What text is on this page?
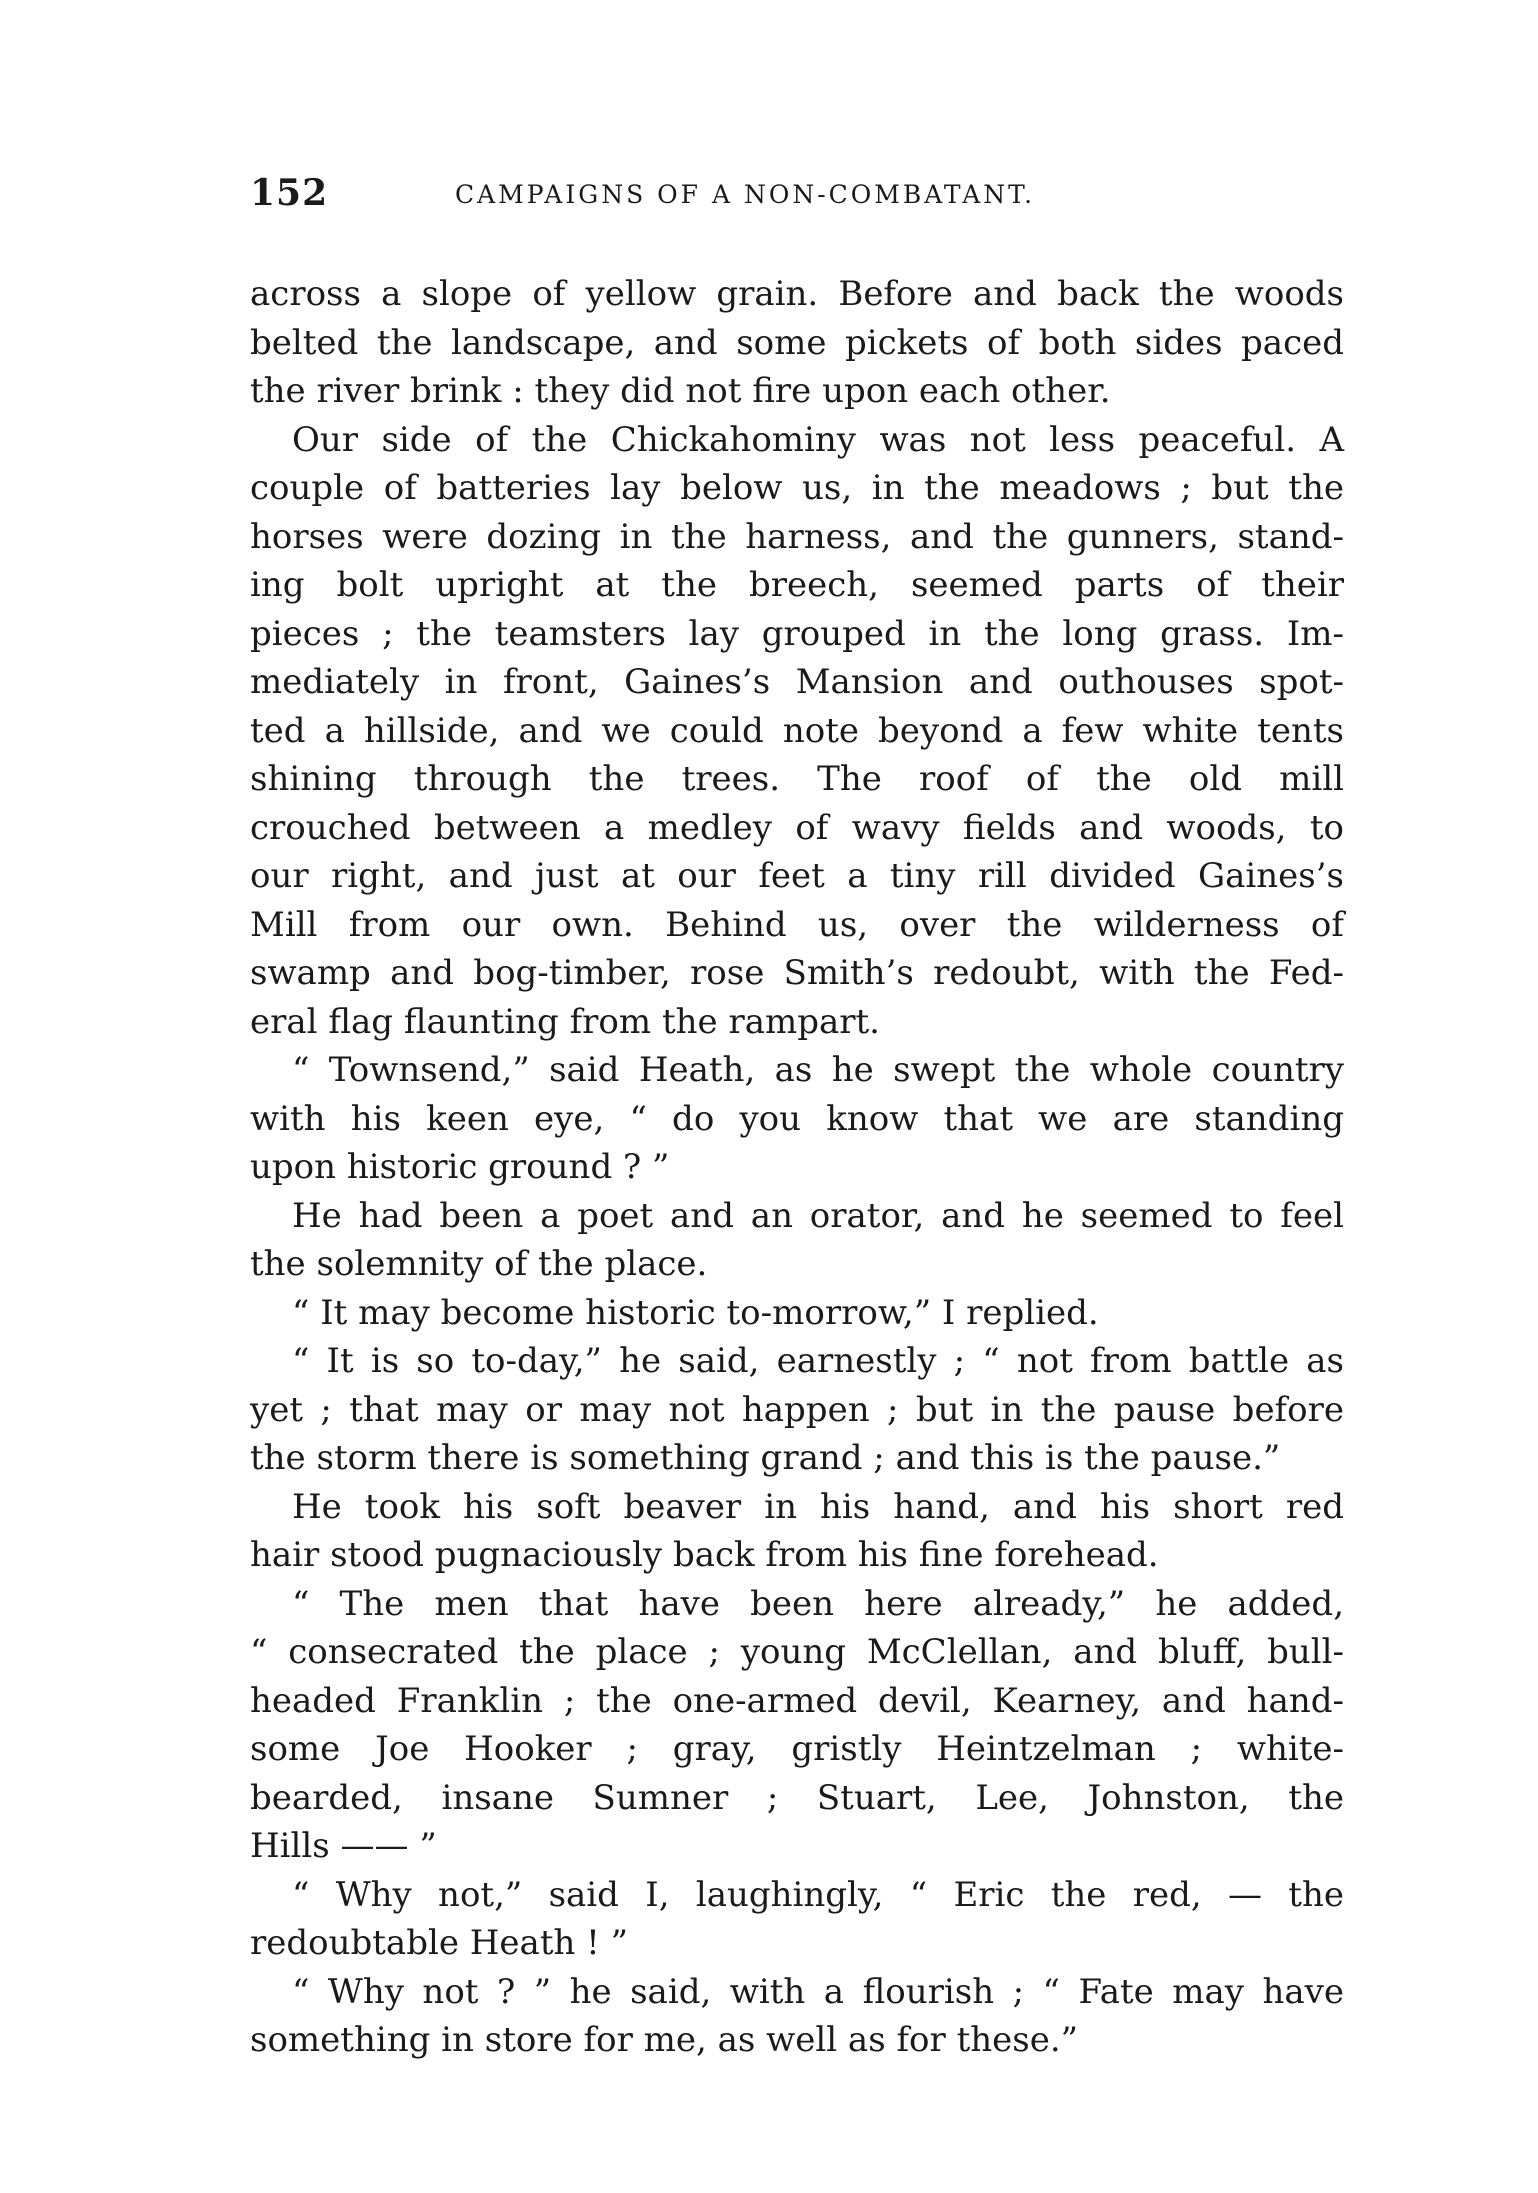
152	CAMPAIGNS OF A NON-COMBATANT.
across a slope of yellow grain. Before and back the woods
belted the landscape, and some pickets of both sides paced
the river brink : they did not fire upon each other.
Our side of the Chickahominy was not less peaceful. A
couple of batteries lay below us, in the meadows ; but the
horses were dozing in the harness, and the gunners, stand-
ing bolt upright at the breech, seemed parts of their
pieces ; the teamsters lay grouped in the long grass. Im-
mediately in front, Gaines’s Mansion and outhouses spot-
ted a hillside, and we could note beyond a few white tents
shining through the trees. The roof of the old mill
crouched between a medley of wavy fields and woods, to
our right, and just at our feet a tiny rill divided Gaines’s
Mill from our own. Behind us, over the wilderness of
swamp and bog-timber, rose Smith’s redoubt, with the Fed-
eral flag flaunting from the rampart.
“ Townsend,” said Heath, as he swept the whole country
with his keen eye, “ do you know that we are standing
upon historic ground ? ”
He had been a poet and an orator, and he seemed to feel
the solemnity of the place.
“ It may become historic to-morrow,” I replied.
“ It is so to-day,” he said, earnestly ; “ not from battle as
yet ; that may or may not happen ; but in the pause before
the storm there is something grand ; and this is the pause.”
He took his soft beaver in his hand, and his short red
hair stood pugnaciously back from his fine forehead.
“ The men that have been here already,” he added,
“ consecrated the place ; young McClellan, and bluff, bull-
headed Franklin ; the one-armed devil, Kearney, and hand-
some Joe Hooker ; gray, gristly Heintzelman ; white-
bearded, insane Sumner ; Stuart, Lee, Johnston, the
Hills —— ”
“ Why not,” said I, laughingly, “ Eric the red, — the
redoubtable Heath ! ”
“ Why not ? ” he said, with a flourish ; “ Fate may have
something in store for me, as well as for these.”
